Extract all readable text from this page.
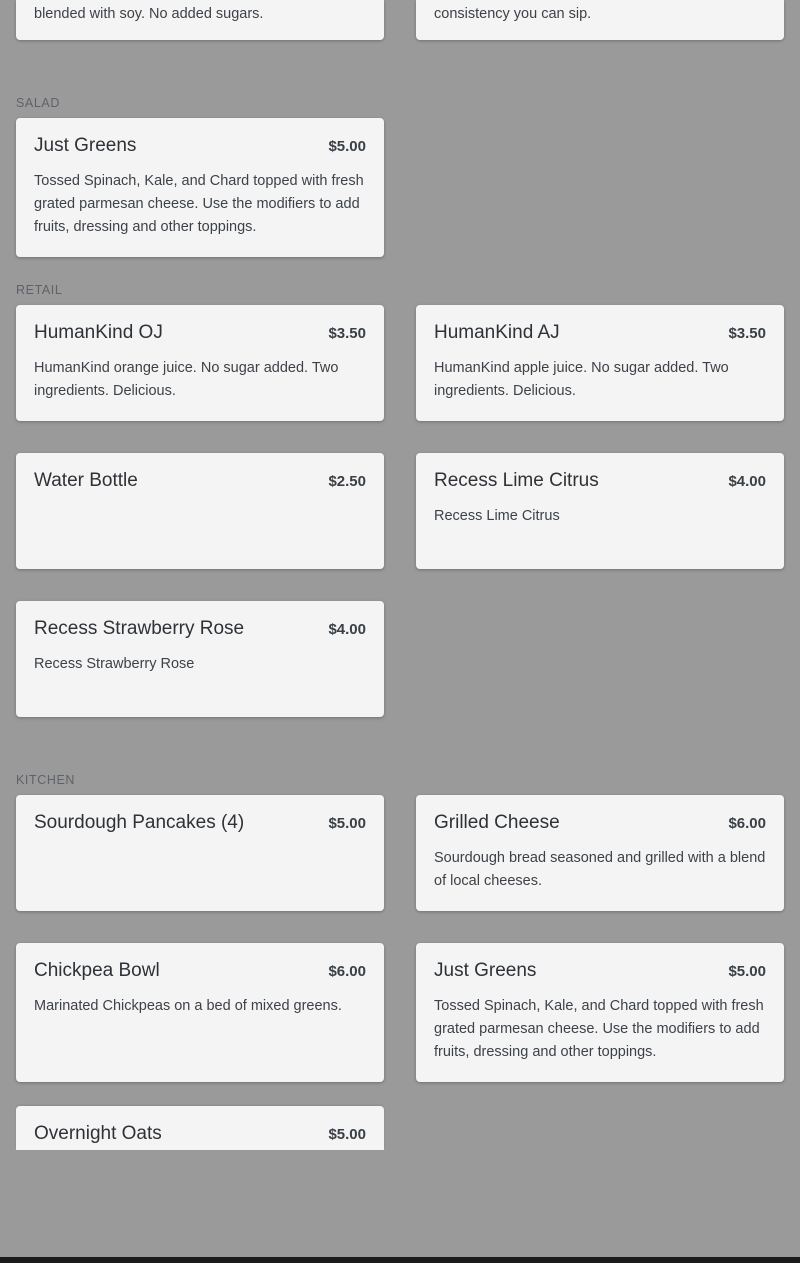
blended with soy. No added sugars.	consistency you can sip.
SALAD
Just Greens	$5.00
Tossed Spinach, Kale, and Chard topped with fresh grated parmesan cheese. Use the modifiers to add fruits, dressing and other toppings.
RETAIL
HumanKind OJ	$3.50
HumanKind orange juice. No sugar added. Two ingredients. Delicious.
HumanKind AJ	$3.50
HumanKind apple juice. No sugar added. Two ingredients. Delicious.
Water Bottle	$2.50	Recess Lime Citrus	$4.00
Recess Lime Citrus
Recess Strawberry Rose	$4.00
Recess Strawberry Rose
KITCHEN
Sourdough Pancakes (4)	$5.00	Grilled Cheese	$6.00
Sourdough bread seasoned and grilled with a blend of local cheeses.
Chickpea Bowl	$6.00
Marinated Chickpeas on a bed of mixed greens.
Just Greens	$5.00
Tossed Spinach, Kale, and Chard topped with fresh grated parmesan cheese. Use the modifiers to add fruits, dressing and other toppings.
Overnight Oats	$5.00
